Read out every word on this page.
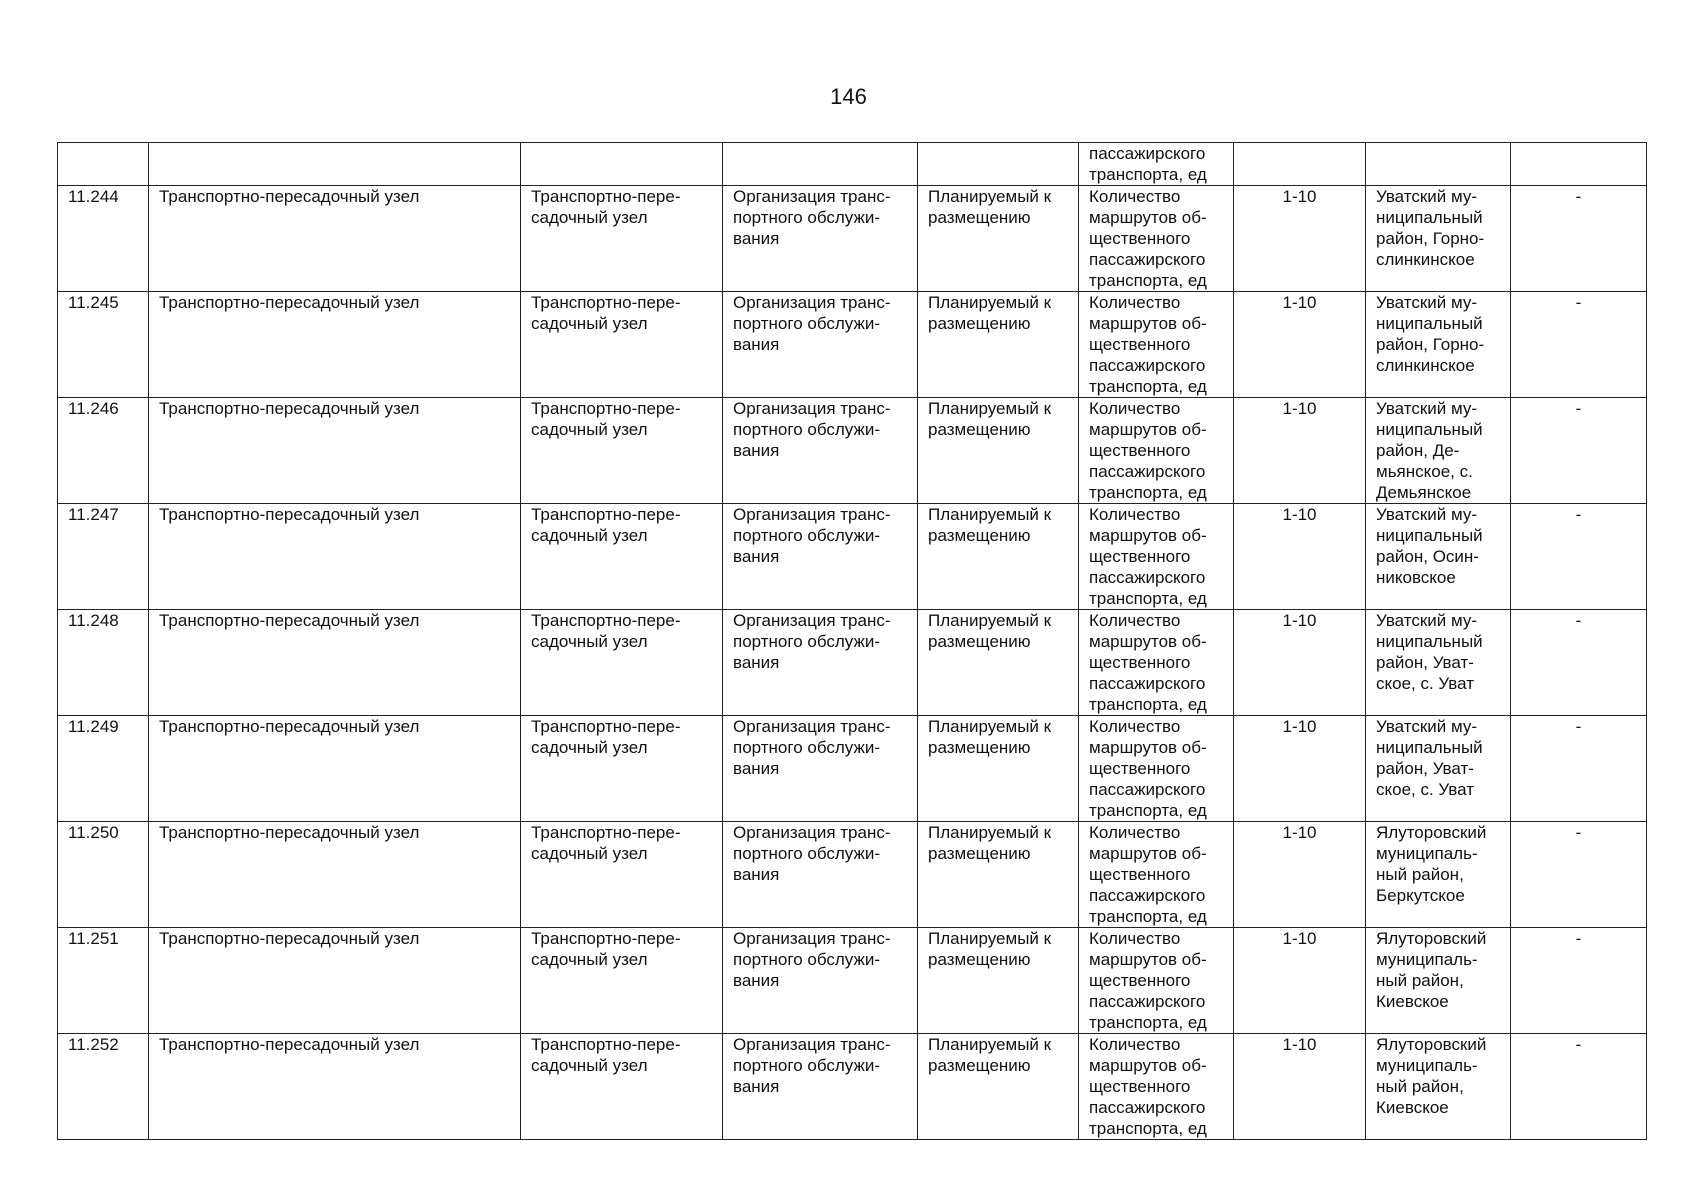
146

					пассажирского
транспорта, ед			

11.244	Транспортно-пересадочный узел	Транспортно-пере-
садочный узел	Организация транс-
портного обслужи-
вания	Планируемый к
размещению	Количество
маршрутов об-
щественного
пассажирского
транспорта, ед	1-10	Уватский му-
ниципальный
район, Горно-
слинкинское	-

11.245	Транспортно-пересадочный узел	Транспортно-пере-
садочный узел	Организация транс-
портного обслужи-
вания	Планируемый к
размещению	Количество
маршрутов об-
щественного
пассажирского
транспорта, ед	1-10	Уватский му-
ниципальный
район, Горно-
слинкинское	-

11.246	Транспортно-пересадочный узел	Транспортно-пере-
садочный узел	Организация транс-
портного обслужи-
вания	Планируемый к
размещению	Количество
маршрутов об-
щественного
пассажирского
транспорта, ед	1-10	Уватский му-
ниципальный
район, Де-
мьянское, с.
Демьянское	-

11.247	Транспортно-пересадочный узел	Транспортно-пере-
садочный узел	Организация транс-
портного обслужи-
вания	Планируемый к
размещению	Количество
маршрутов об-
щественного
пассажирского
транспорта, ед	1-10	Уватский му-
ниципальный
район, Осин-
никовское	-

11.248	Транспортно-пересадочный узел	Транспортно-пере-
садочный узел	Организация транс-
портного обслужи-
вания	Планируемый к
размещению	Количество
маршрутов об-
щественного
пассажирского
транспорта, ед	1-10	Уватский му-
ниципальный
район, Уват-
ское, с. Уват	-

11.249	Транспортно-пересадочный узел	Транспортно-пере-
садочный узел	Организация транс-
портного обслужи-
вания	Планируемый к
размещению	Количество
маршрутов об-
щественного
пассажирского
транспорта, ед	1-10	Уватский му-
ниципальный
район, Уват-
ское, с. Уват	-

11.250	Транспортно-пересадочный узел	Транспортно-пере-
садочный узел	Организация транс-
портного обслужи-
вания	Планируемый к
размещению	Количество
маршрутов об-
щественного
пассажирского
транспорта, ед	1-10	Ялуторовский
муниципаль-
ный район,
Беркутское	-

11.251	Транспортно-пересадочный узел	Транспортно-пере-
садочный узел	Организация транс-
портного обслужи-
вания	Планируемый к
размещению	Количество
маршрутов об-
щественного
пассажирского
транспорта, ед	1-10	Ялуторовский
муниципаль-
ный район,
Киевское	-

11.252	Транспортно-пересадочный узел	Транспортно-пере-
садочный узел	Организация транс-
портного обслужи-
вания	Планируемый к
размещению	Количество
маршрутов об-
щественного
пассажирского
транспорта, ед	1-10	Ялуторовский
муниципаль-
ный район,
Киевское	-
